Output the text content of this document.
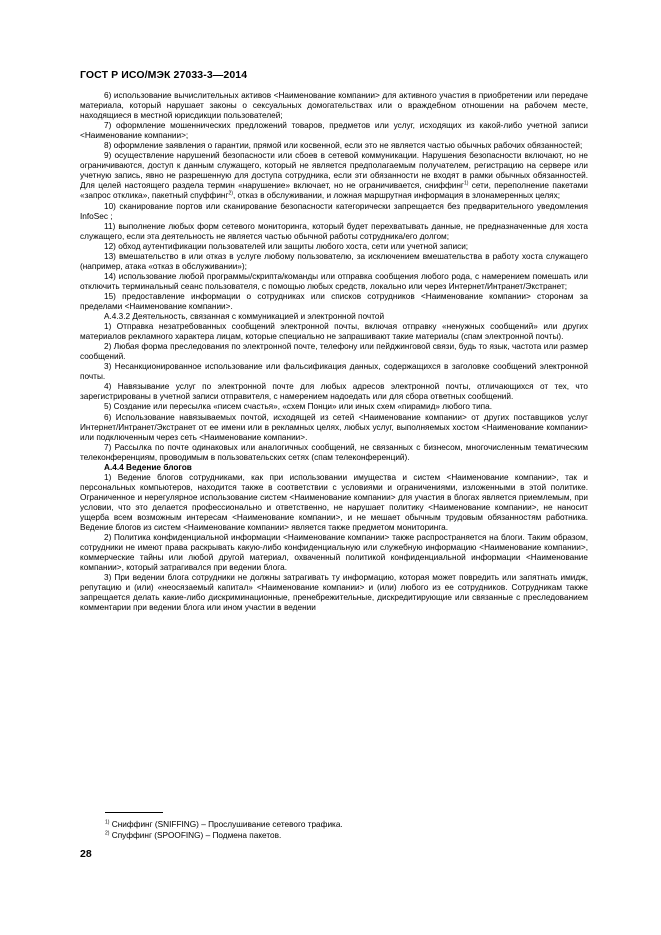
ГОСТ Р ИСО/МЭК 27033-3—2014

6) использование вычислительных активов <Наименование компании> для активного участия в приобретении или передаче материала, который нарушает законы о сексуальных домогательствах или о враждебном отношении на рабочем месте, находящиеся в местной юрисдикции пользователей;

7) оформление мошеннических предложений товаров, предметов или услуг, исходящих из какой-либо учетной записи <Наименование компании>;

8) оформление заявления о гарантии, прямой или косвенной, если это не является частью обычных рабочих обязанностей;

9) осуществление нарушений безопасности или сбоев в сетевой коммуникации. Нарушения безопасности включают, но не ограничиваются, доступ к данным служащего, который не является предполагаемым получателем, регистрацию на сервере или учетную запись, явно не разрешенную для доступа сотрудника, если эти обязанности не входят в рамки обычных обязанностей. Для целей настоящего раздела термин «нарушение» включает, но не ограничивается, сниффинг$^{1)}$ сети, переполнение пакетами «запрос отклика», пакетный спуффинг$^{2)}$, отказ в обслуживании, и ложная маршрутная информация в злонамеренных целях;

10) сканирование портов или сканирование безопасности категорически запрещается без предварительного уведомления InfoSec ;

11) выполнение любых форм сетевого мониторинга, который будет перехватывать данные, не предназначенные для хоста служащего, если эта деятельность не является частью обычной работы сотрудника/его долгом;

12) обход аутентификации пользователей или защиты любого хоста, сети или учетной записи;

13) вмешательство в или отказ в услуге любому пользователю, за исключением вмешательства в работу хоста служащего (например, атака «отказ в обслуживании»);

14) использование любой программы/скрипта/команды или отправка сообщения любого рода, с намерением помешать или отключить терминальный сеанс пользователя, с помощью любых средств, локально или через Интернет/Интранет/Экстранет;

15) предоставление информации о сотрудниках или списков сотрудников <Наименование компании> сторонам за пределами <Наименование компании>.

А.4.3.2 Деятельность, связанная с коммуникацией и электронной почтой

1) Отправка незатребованных сообщений электронной почты, включая отправку «ненужных сообщений» или других материалов рекламного характера лицам, которые специально не запрашивают такие материалы (спам электронной почты).

2) Любая форма преследования по электронной почте, телефону или пейджинговой связи, будь то язык, частота или размер сообщений.

3) Несанкционированное использование или фальсификация данных, содержащихся в заголовке сообщений электронной почты.

4) Навязывание услуг по электронной почте для любых адресов электронной почты, отличающихся от тех, что зарегистрированы в учетной записи отправителя, с намерением надоедать или для сбора ответных сообщений.

5) Создание или пересылка «писем счастья», «схем Понци» или иных схем «пирамид» любого типа.

6) Использование навязываемых почтой, исходящей из сетей <Наименование компании> от других поставщиков услуг Интернет/Интранет/Экстранет от ее имени или в рекламных целях, любых услуг, выполняемых хостом <Наименование компании> или подключенным через сеть <Наименование компании>.

7) Рассылка по почте одинаковых или аналогичных сообщений, не связанных с бизнесом, многочисленным тематическим телеконференциям, проводимым в пользовательских сетях (спам телеконференций).

А.4.4 Ведение блогов

1) Ведение блогов сотрудниками, как при использовании имущества и систем <Наименование компании>, так и персональных компьютеров, находится также в соответствии с условиями и ограничениями, изложенными в этой политике. Ограниченное и нерегулярное использование систем <Наименование компании> для участия в блогах является приемлемым, при условии, что это делается профессионально и ответственно, не нарушает политику <Наименование компании>, не наносит ущерба всем возможным интересам <Наименование компании>, и не мешает обычным трудовым обязанностям работника. Ведение блогов из систем <Наименование компании> является также предметом мониторинга.

2) Политика конфиденциальной информации <Наименование компании> также распространяется на блоги. Таким образом, сотрудники не имеют права раскрывать какую-либо конфиденциальную или служебную информацию <Наименование компании>, коммерческие тайны или любой другой материал, охваченный политикой конфиденциальной информации <Наименование компании>, который затрагивался при ведении блога.

3) При ведении блога сотрудники не должны затрагивать ту информацию, которая может повредить или запятнать имидж, репутацию и (или) «неосязаемый капитал» <Наименование компании> и (или) любого из ее сотрудников. Сотрудникам также запрещается делать какие-либо дискриминационные, пренебрежительные, дискредитирующие или связанные с преследованием комментарии при ведении блога или ином участии в ведении

$^{1)}$ Сниффинг (SNIFFING) – Прослушивание сетевого трафика.
$^{2)}$ Спуффинг (SPOOFING) – Подмена пакетов.
28
